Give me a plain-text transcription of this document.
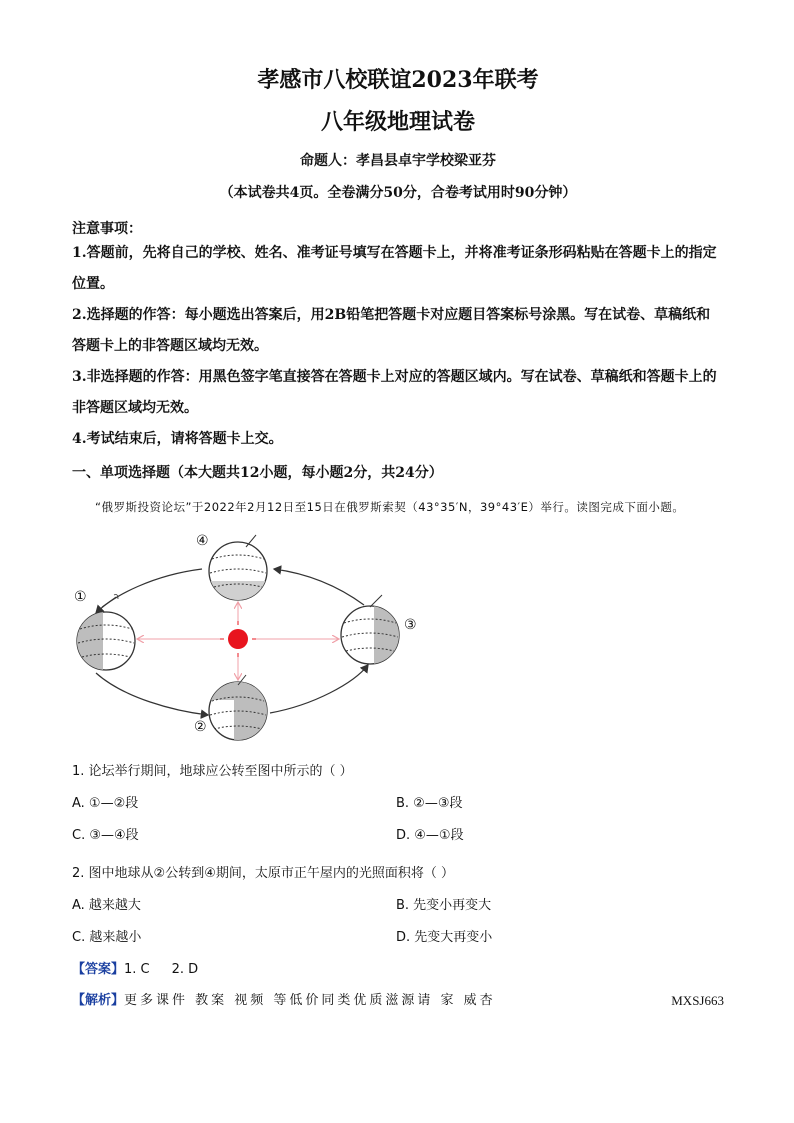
孝感市八校联谊2023年联考
八年级地理试卷
命题人：孝昌县卓宇学校梁亚芬
（本试卷共4页。全卷满分50分，合卷考试用时90分钟）
注意事项：
1.答题前，先将自己的学校、姓名、准考证号填写在答题卡上，并将准考证条形码粘贴在答题卡上的指定位置。
2.选择题的作答：每小题选出答案后，用2B铅笔把答题卡对应题目答案标号涂黑。写在试卷、草稿纸和答题卡上的非答题区域均无效。
3.非选择题的作答：用黑色签字笔直接答在答题卡上对应的答题区域内。写在试卷、草稿纸和答题卡上的非答题区域均无效。
4.考试结束后，请将答题卡上交。
一、单项选择题（本大题共12小题，每小题2分，共24分）
“俄罗斯投资论坛”于2022年2月12日至15日在俄罗斯索契（43°35′N，39°43′E）举行。读图完成下面小题。
①
②
③
④
1. 论坛举行期间，地球应公转至图中所示的（ ）
A. ①—②段	B. ②—③段
C. ③—④段	D. ④—①段
2. 图中地球从②公转到④期间，太原市正午屋内的光照面积将（ ）
A. 越来越大	B. 先变小再变大
C. 越来越小	D. 先变大再变小
【答案】1. C 2. D
【解析】更多课件 教案 视频 等低价同类优质滋源请 家 威杏	MXSJ663
